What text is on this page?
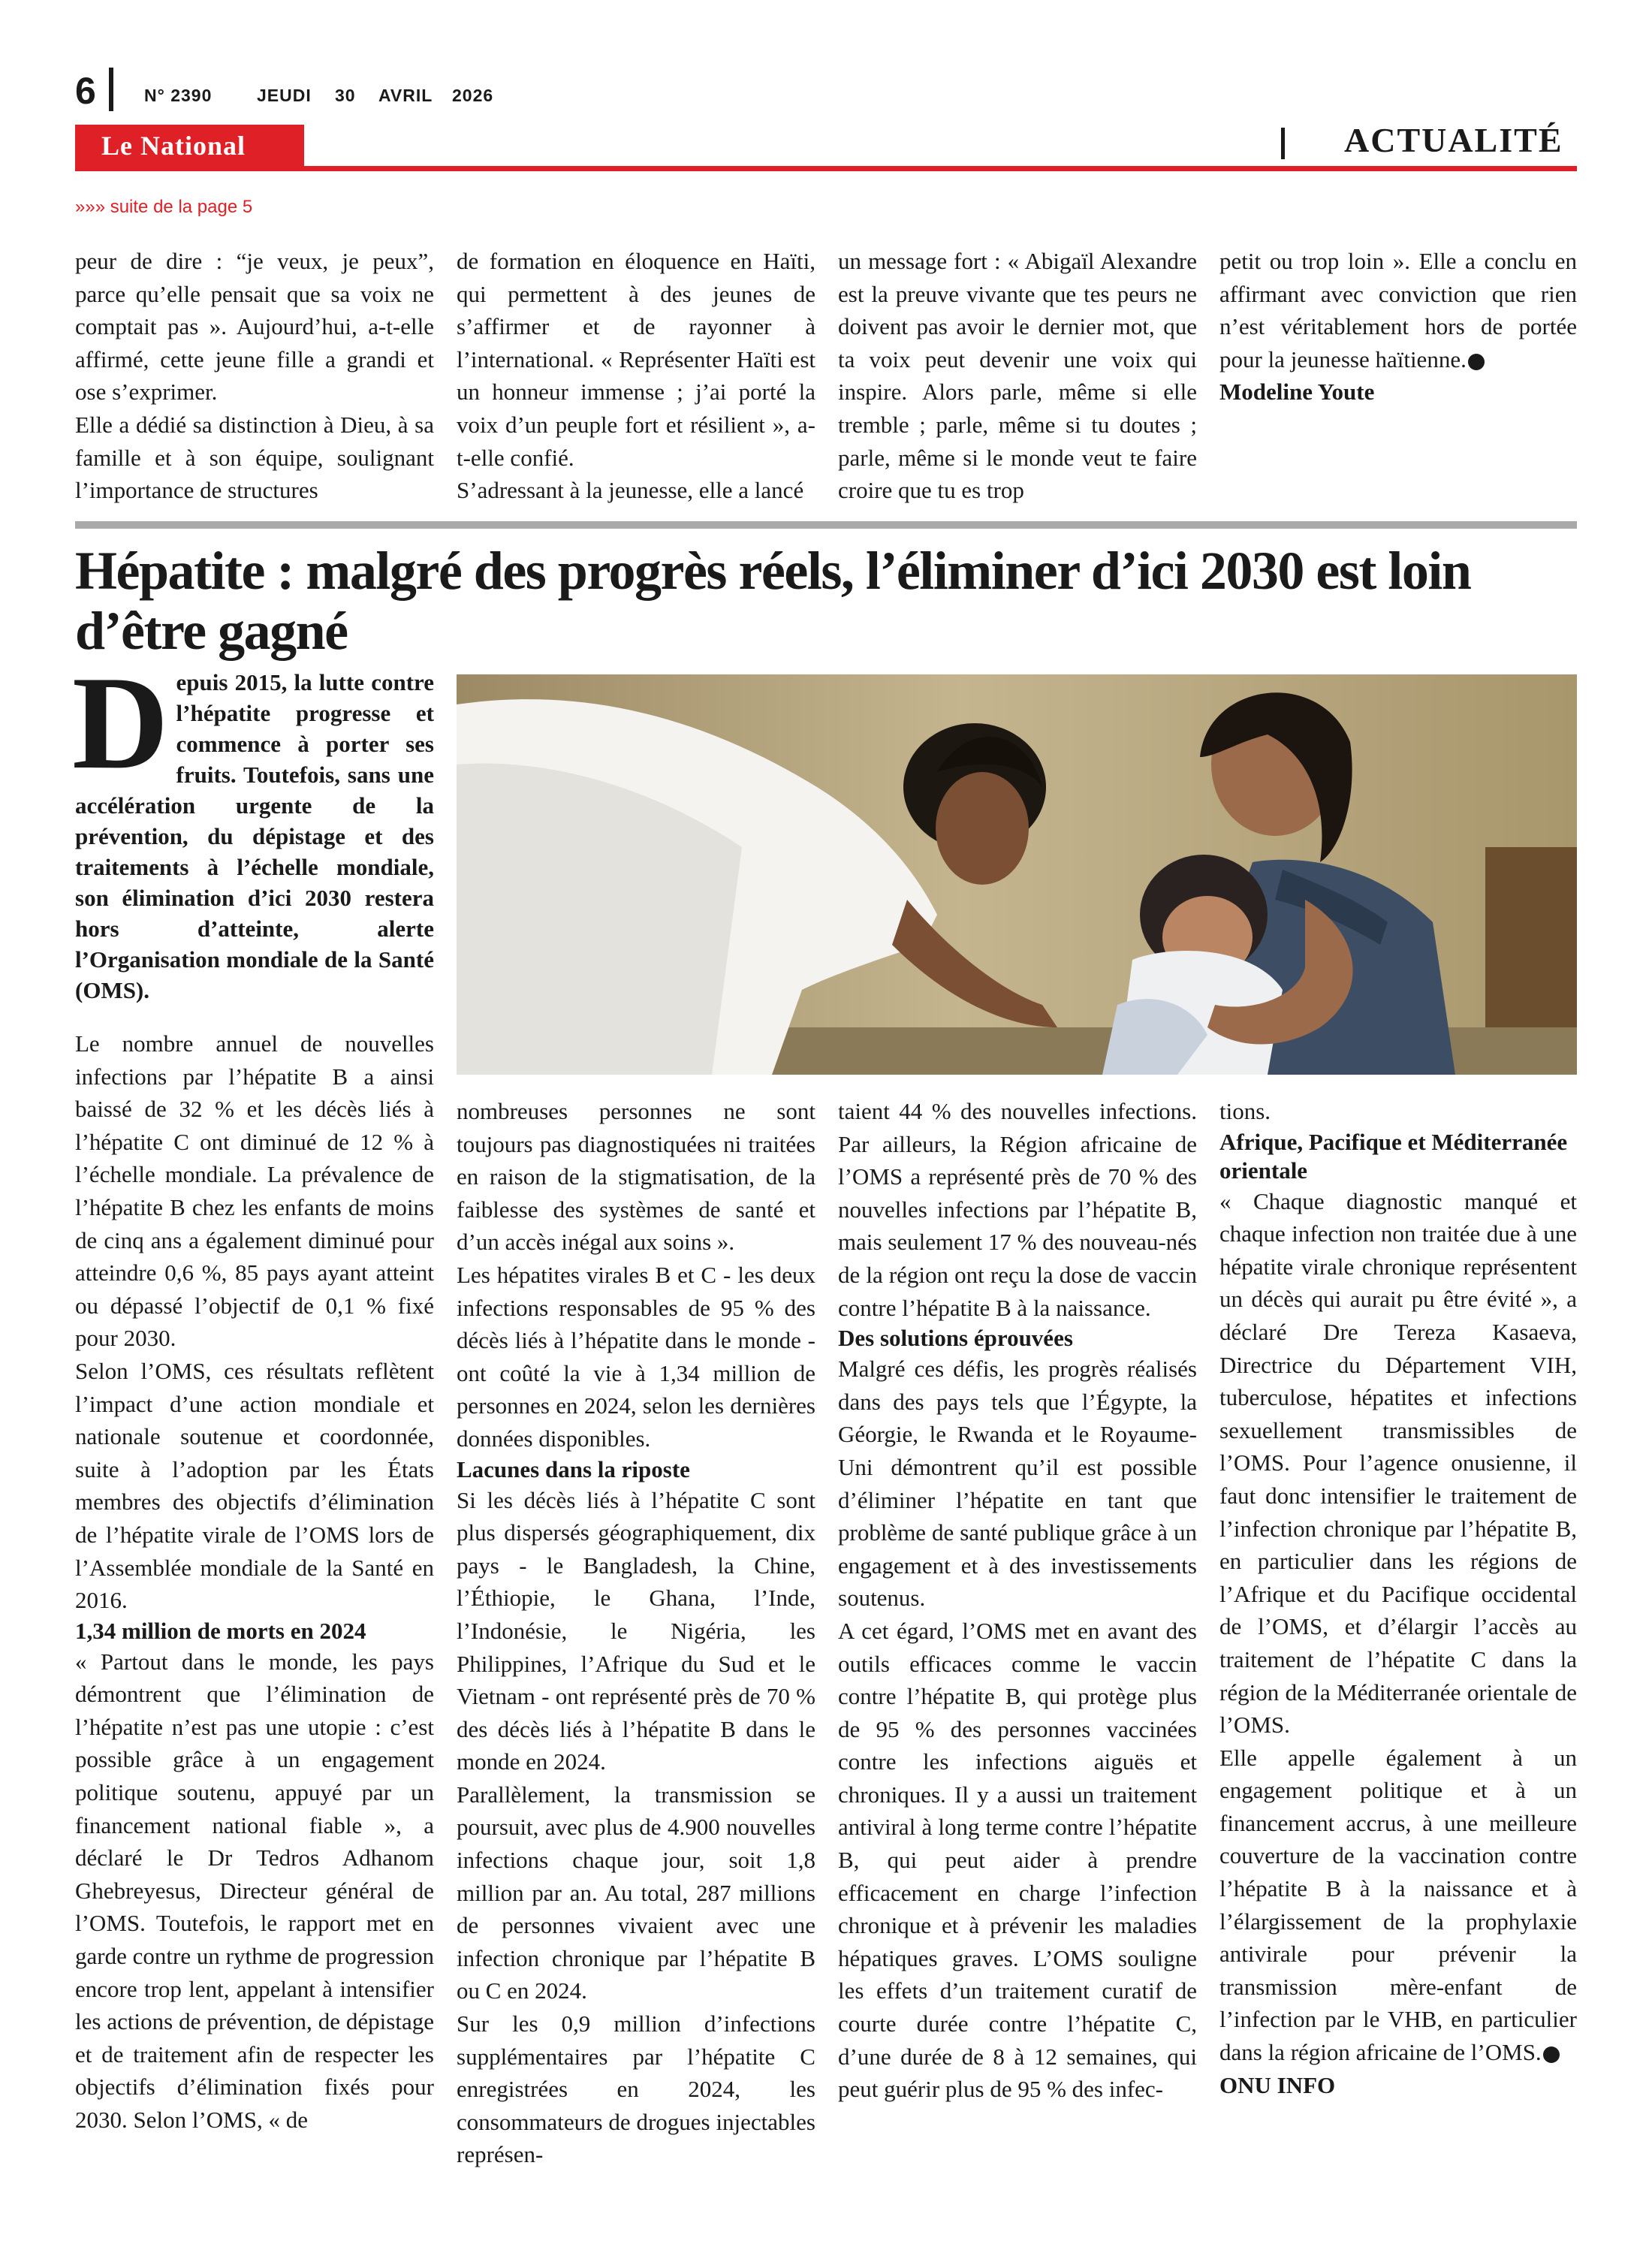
6	N° 2390	JEUDI 30 AVRIL 2026
Le National	ACTUALITÉ
»»» suite de la page 5

peur de dire : “je veux, je peux”, parce qu’elle pensait que sa voix ne comptait pas ». Aujourd’hui, a-t-elle affirmé, cette jeune fille a grandi et ose s’exprimer.

Elle a dédié sa distinction à Dieu, à sa famille et à son équipe, soulignant l’importance de structures

de formation en éloquence en Haïti, qui permettent à des jeunes de s’affirmer et de rayonner à l’international. « Représenter Haïti est un honneur immense ; j’ai porté la voix d’un peuple fort et résilient », a-t-elle confié.

S’adressant à la jeunesse, elle a lancé

un message fort : « Abigaïl Alexandre est la preuve vivante que tes peurs ne doivent pas avoir le dernier mot, que ta voix peut devenir une voix qui inspire. Alors parle, même si elle tremble ; parle, même si tu doutes ; parle, même si le monde veut te faire croire que tu es trop

petit ou trop loin ». Elle a conclu en affirmant avec conviction que rien n’est véritablement hors de portée pour la jeunesse haïtienne.

Modeline Youte

Hépatite : malgré des progrès réels, l’éliminer d’ici 2030 est loin d’être gagné
Depuis 2015, la lutte contre l’hépatite progresse et commence à porter ses fruits. Toutefois, sans une accélération urgente de la prévention, du dépistage et des traitements à l’échelle mondiale, son élimination d’ici 2030 restera hors d’atteinte, alerte l’Organisation mondiale de la Santé (OMS).

Le nombre annuel de nouvelles infections par l’hépatite B a ainsi baissé de 32 % et les décès liés à l’hépatite C ont diminué de 12 % à l’échelle mondiale. La prévalence de l’hépatite B chez les enfants de moins de cinq ans a également diminué pour atteindre 0,6 %, 85 pays ayant atteint ou dépassé l’objectif de 0,1 % fixé pour 2030.

Selon l’OMS, ces résultats reflètent l’impact d’une action mondiale et nationale soutenue et coordonnée, suite à l’adoption par les États membres des objectifs d’élimination de l’hépatite virale de l’OMS lors de l’Assemblée mondiale de la Santé en 2016.

1,34 million de morts en 2024

« Partout dans le monde, les pays démontrent que l’élimination de l’hépatite n’est pas une utopie : c’est possible grâce à un engagement politique soutenu, appuyé par un financement national fiable », a déclaré le Dr Tedros Adhanom Ghebreyesus, Directeur général de l’OMS. Toutefois, le rapport met en garde contre un rythme de progression encore trop lent, appelant à intensifier les actions de prévention, de dépistage et de traitement afin de respecter les objectifs d’élimination fixés pour 2030. Selon l’OMS, « de

nombreuses personnes ne sont toujours pas diagnostiquées ni traitées en raison de la stigmatisation, de la faiblesse des systèmes de santé et d’un accès inégal aux soins ».

Les hépatites virales B et C - les deux infections responsables de 95 % des décès liés à l’hépatite dans le monde - ont coûté la vie à 1,34 million de personnes en 2024, selon les dernières données disponibles.

Lacunes dans la riposte

Si les décès liés à l’hépatite C sont plus dispersés géographiquement, dix pays - le Bangladesh, la Chine, l’Éthiopie, le Ghana, l’Inde, l’Indonésie, le Nigéria, les Philippines, l’Afrique du Sud et le Vietnam - ont représenté près de 70 % des décès liés à l’hépatite B dans le monde en 2024.

Parallèlement, la transmission se poursuit, avec plus de 4.900 nouvelles infections chaque jour, soit 1,8 million par an. Au total, 287 millions de personnes vivaient avec une infection chronique par l’hépatite B ou C en 2024.

Sur les 0,9 million d’infections supplémentaires par l’hépatite C enregistrées en 2024, les consommateurs de drogues injectables représen-

taient 44 % des nouvelles infections. Par ailleurs, la Région africaine de l’OMS a représenté près de 70 % des nouvelles infections par l’hépatite B, mais seulement 17 % des nouveau-nés de la région ont reçu la dose de vaccin contre l’hépatite B à la naissance.

Des solutions éprouvées

Malgré ces défis, les progrès réalisés dans des pays tels que l’Égypte, la Géorgie, le Rwanda et le Royaume-Uni démontrent qu’il est possible d’éliminer l’hépatite en tant que problème de santé publique grâce à un engagement et à des investissements soutenus.

A cet égard, l’OMS met en avant des outils efficaces comme le vaccin contre l’hépatite B, qui protège plus de 95 % des personnes vaccinées contre les infections aiguës et chroniques. Il y a aussi un traitement antiviral à long terme contre l’hépatite B, qui peut aider à prendre efficacement en charge l’infection chronique et à prévenir les maladies hépatiques graves. L’OMS souligne les effets d’un traitement curatif de courte durée contre l’hépatite C, d’une durée de 8 à 12 semaines, qui peut guérir plus de 95 % des infec-

tions.

Afrique, Pacifique et Méditerranée orientale

« Chaque diagnostic manqué et chaque infection non traitée due à une hépatite virale chronique représentent un décès qui aurait pu être évité », a déclaré Dre Tereza Kasaeva, Directrice du Département VIH, tuberculose, hépatites et infections sexuellement transmissibles de l’OMS. Pour l’agence onusienne, il faut donc intensifier le traitement de l’infection chronique par l’hépatite B, en particulier dans les régions de l’Afrique et du Pacifique occidental de l’OMS, et d’élargir l’accès au traitement de l’hépatite C dans la région de la Méditerranée orientale de l’OMS.

Elle appelle également à un engagement politique et à un financement accrus, à une meilleure couverture de la vaccination contre l’hépatite B à la naissance et à l’élargissement de la prophylaxie antivirale pour prévenir la transmission mère-enfant de l’infection par le VHB, en particulier dans la région africaine de l’OMS.

ONU INFO
